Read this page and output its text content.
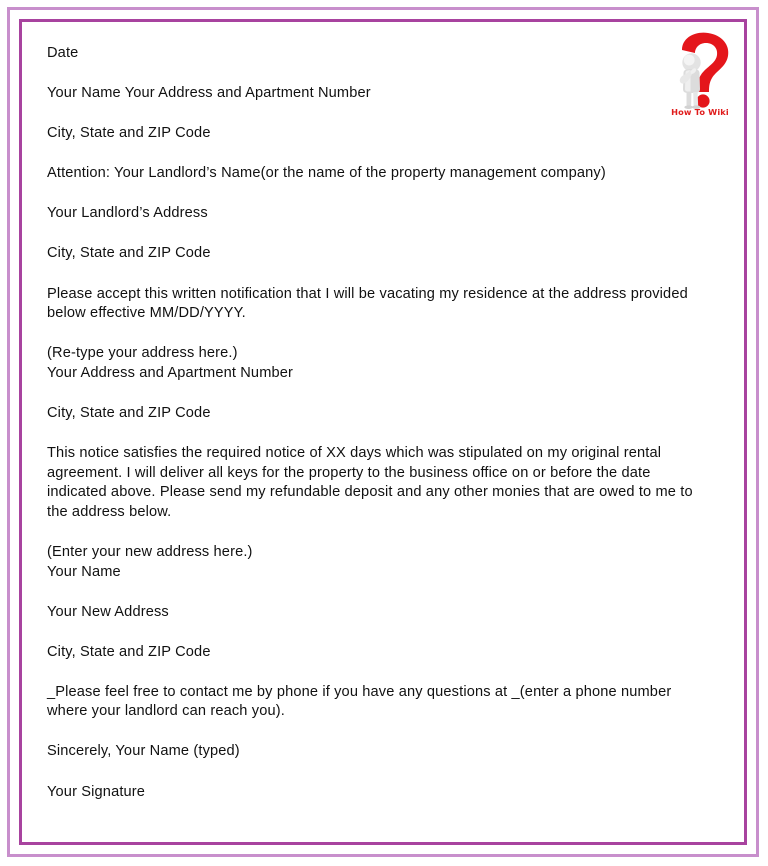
Date

Your Name Your Address and Apartment Number

City, State and ZIP Code

Attention: Your Landlord’s Name(or the name of the property management company)

Your Landlord’s Address

City, State and ZIP Code

Please accept this written notification that I will be vacating my residence at the address provided below effective MM/DD/YYYY.

(Re-type your address here.)

Your Address and Apartment Number

City, State and ZIP Code

This notice satisfies the required notice of XX days which was stipulated on my original rental agreement. I will deliver all keys for the property to the business office on or before the date indicated above. Please send my refundable deposit and any other monies that are owed to me to the address below.

(Enter your new address here.)

Your Name

Your New Address

City, State and ZIP Code

_Please feel free to contact me by phone if you have any questions at _(enter a phone number where your landlord can reach you).

Sincerely, Your Name (typed)

Your Signature

How To Wiki
